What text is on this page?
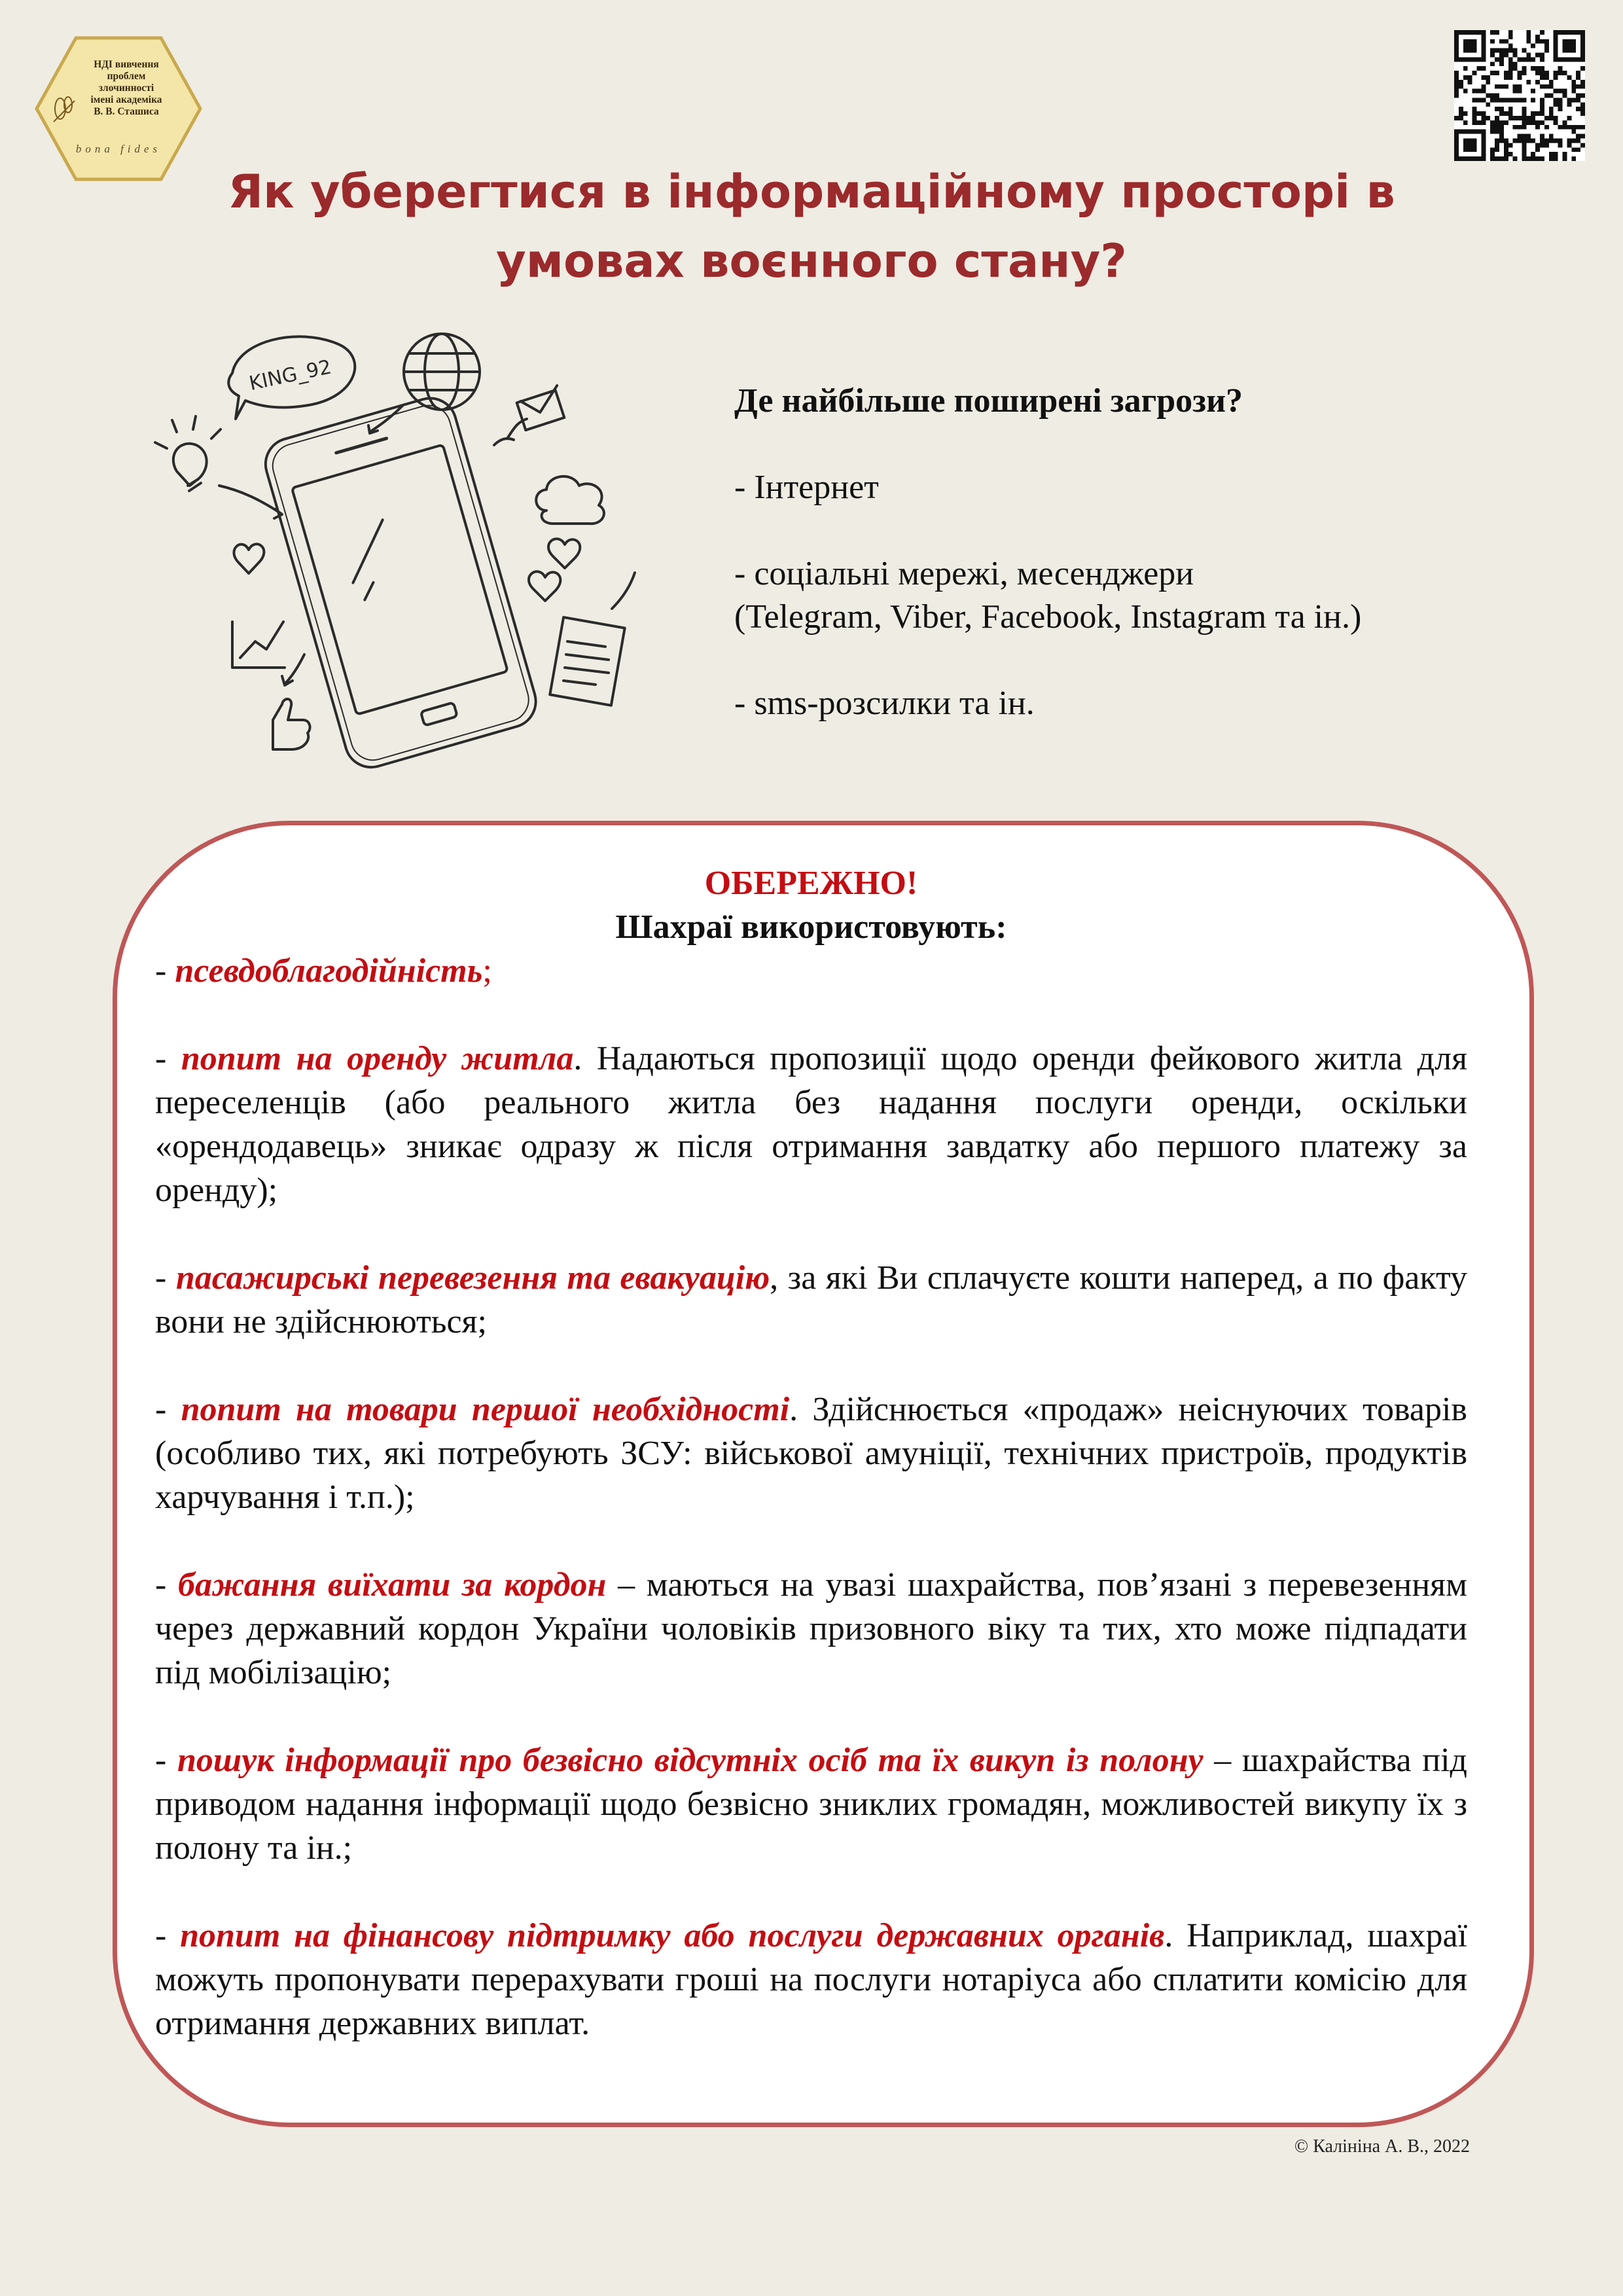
НДІ вивчення
проблем
злочинності
імені академіка
В. В. Сташиса
bona fides
Як уберегтися в інформаційному просторі в умовах воєнного стану?
KING_92
Де найбільше поширені загрози?
- Інтернет
- соціальні мережі, месенджери
(Telegram, Viber, Facebook, Instagram та ін.)
- sms-розсилки та ін.
ОБЕРЕЖНО!
Шахраї використовують:
- псевдоблагодійність;
- попит на оренду житла. Надаються пропозиції щодо оренди фейкового житла для переселенців (або реального житла без надання послуги оренди, оскільки «орендодавець» зникає одразу ж після отримання завдатку або першого платежу за оренду);
- пасажирські перевезення та евакуацію, за які Ви сплачуєте кошти наперед, а по факту вони не здійснюються;
- попит на товари першої необхідності. Здійснюється «продаж» неіснуючих товарів (особливо тих, які потребують ЗСУ: військової амуніції, технічних пристроїв, продуктів харчування і т.п.);
- бажання виїхати за кордон – маються на увазі шахрайства, пов’язані з перевезенням через державний кордон України чоловіків призовного віку та тих, хто може підпадати під мобілізацію;
- пошук інформації про безвісно відсутніх осіб та їх викуп із полону – шахрайства під приводом надання інформації щодо безвісно зниклих громадян, можливостей викупу їх з полону та ін.;
- попит на фінансову підтримку або послуги державних органів. Наприклад, шахраї можуть пропонувати перерахувати гроші на послуги нотаріуса або сплатити комісію для отримання державних виплат.
© Калініна А. В., 2022
